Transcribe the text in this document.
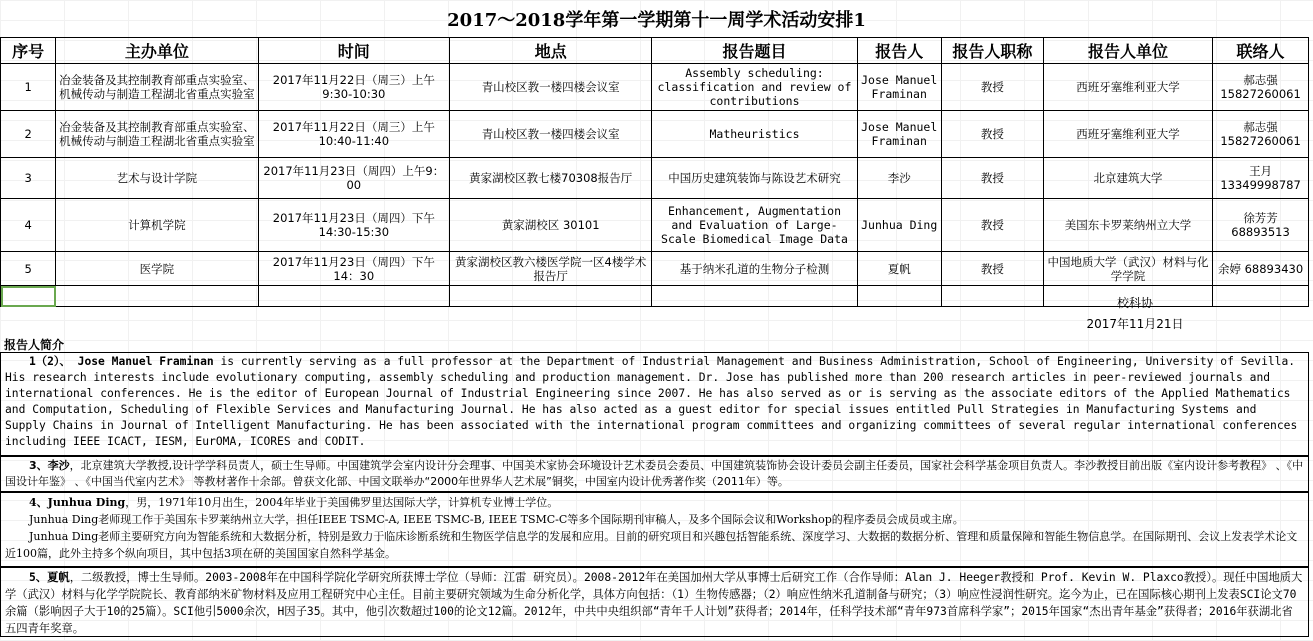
2017～2018学年第一学期第十一周学术活动安排1
序号	主办单位	时间	地点	报告题目	报告人	报告人职称	报告人单位	联络人
1	冶金装备及其控制教育部重点实验室、机械传动与制造工程湖北省重点实验室	2017年11月22日（周三）上午9:30-10:30	青山校区教一楼四楼会议室	Assembly scheduling: classification and review of contributions	Jose Manuel Framinan	教授	西班牙塞维利亚大学	郝志强 15827260061
2	冶金装备及其控制教育部重点实验室、机械传动与制造工程湖北省重点实验室	2017年11月22日（周三）上午10:40-11:40	青山校区教一楼四楼会议室	Matheuristics	Jose Manuel Framinan	教授	西班牙塞维利亚大学	郝志强 15827260061
3	艺术与设计学院	2017年11月23日（周四）上午9：00	黄家湖校区教七楼70308报告厅	中国历史建筑装饰与陈设艺术研究	李沙	教授	北京建筑大学	王月 13349998787
4	计算机学院	2017年11月23日（周四）下午14:30-15:30	黄家湖校区 30101	Enhancement, Augmentation and Evaluation of Large-Scale Biomedical Image Data	Junhua Ding	教授	美国东卡罗莱纳州立大学	徐芳芳 68893513
5	医学院	2017年11月23日（周四）下午14：30	黄家湖校区教六楼医学院一区4楼学术报告厅	基于纳米孔道的生物分子检测	夏帆	教授	中国地质大学（武汉）材料与化学学院	余婷 68893430

校科协
2017年11月21日
报告人简介
1（2）、 Jose Manuel Framinan is currently serving as a full professor at the Department of Industrial Management and Business Administration, School of Engineering, University of Sevilla. His research interests include evolutionary computing, assembly scheduling and production management. Dr. Jose has published more than 200 research articles in peer-reviewed journals and international conferences. He is the editor of European Journal of Industrial Engineering since 2007. He has also served as or is serving as the associate editors of the Applied Mathematics and Computation, Scheduling of Flexible Services and Manufacturing Journal. He has also acted as a guest editor for special issues entitled Pull Strategies in Manufacturing Systems and Supply Chains in Journal of Intelligent Manufacturing. He has been associated with the international program committees and organizing committees of several regular international conferences including IEEE ICACT, IESM, EurOMA, ICORES and CODIT.
3、李沙，北京建筑大学教授,设计学学科员责人，硕士生导师。中国建筑学会室内设计分会理事、中国美术家协会环境设计艺术委员会委员、中国建筑装饰协会设计委员会副主任委员，国家社会科学基金项目负责人。李沙教授目前出版《室内设计参考教程》 、《中国设计年鉴》 、《中国当代室内艺术》 等教材著作十余部。曾获文化部、中国文联举办“2000年世界华人艺术展”铜奖，中国室内设计优秀著作奖（2011年）等。

4、Junhua Ding，男，1971年10月出生，2004年毕业于美国佛罗里达国际大学，计算机专业博士学位。

Junhua Ding老师现工作于美国东卡罗莱纳州立大学，担任IEEE TSMC-A, IEEE TSMC-B, IEEE TSMC-C等多个国际期刊审稿人，及多个国际会议和Workshop的程序委员会成员或主席。

Junhua Ding老师主要研究方向为智能系统和大数据分析，特别是致力于临床诊断系统和生物医学信息学的发展和应用。目前的研究项目和兴趣包括智能系统、深度学习、大数据的数据分析、管理和质量保障和智能生物信息学。在国际期刊、会议上发表学术论文近100篇，此外主持多个纵向项目，其中包括3项在研的美国国家自然科学基金。

5、夏帆，二级教授，博士生导师。2003-2008年在中国科学院化学研究所获博士学位（导师：江雷 研究员）。2008-2012年在美国加州大学从事博士后研究工作（合作导师：Alan J. Heeger教授和 Prof. Kevin W. Plaxco教授）。现任中国地质大学（武汉）材料与化学学院院长、教育部纳米矿物材料及应用工程研究中心主任。目前主要研究领域为生命分析化学，具体方向包括：（1）生物传感器；（2）响应性纳米孔道制备与研究；（3）响应性浸润性研究。迄今为止，已在国际核心期刊上发表SCI论文70余篇（影响因子大于10的25篇）。SCI他引5000余次，H因子35。其中，他引次数超过100的论文12篇。2012年，中共中央组织部“青年千人计划”获得者；2014年，任科学技术部“青年973首席科学家”；2015年国家“杰出青年基金”获得者；2016年获湖北省五四青年奖章。
